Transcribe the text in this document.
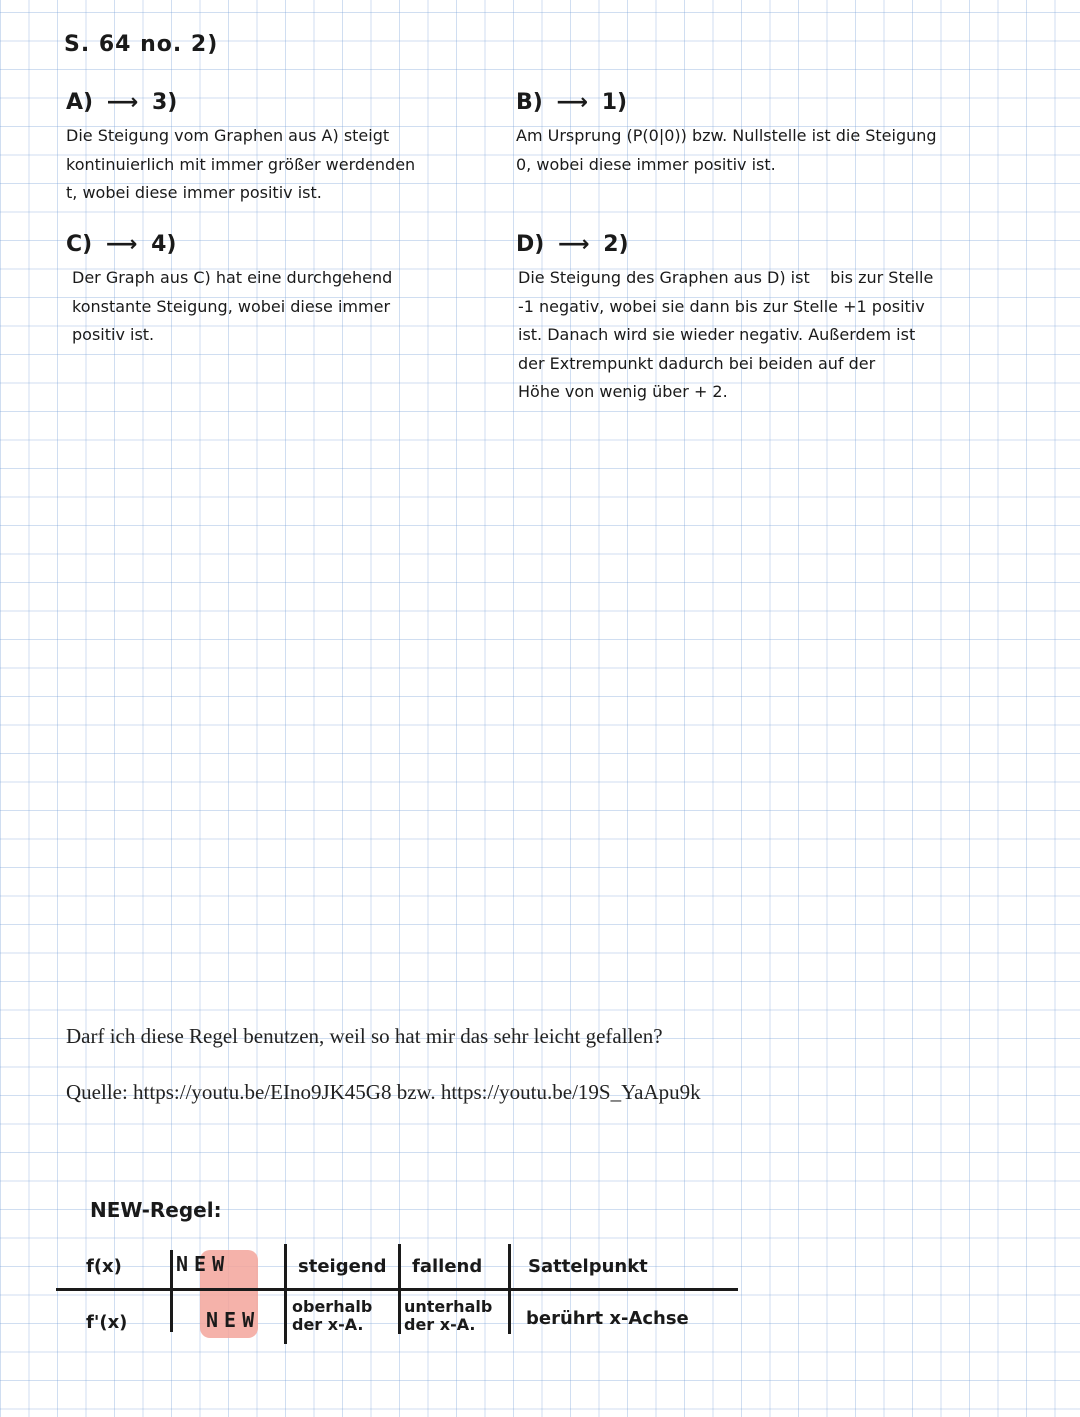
S. 64 no. 2)
A) ⟶ 3)

Die Steigung vom Graphen aus A) steigt

kontinuierlich mit immer größer werdenden

t, wobei diese immer positiv ist.

B) ⟶ 1)

Am Ursprung (P(0|0)) bzw. Nullstelle ist die Steigung

0, wobei diese immer positiv ist.

C) ⟶ 4)

Der Graph aus C) hat eine durchgehend

konstante Steigung, wobei diese immer

positiv ist.

D) ⟶ 2)

Die Steigung des Graphen aus D) ist    bis zur Stelle

-1 negativ, wobei sie dann bis zur Stelle +1 positiv

ist. Danach wird sie wieder negativ. Außerdem ist

der Extrempunkt dadurch bei beiden auf der

Höhe von wenig über + 2.

Darf ich diese Regel benutzen, weil so hat mir das sehr leicht gefallen?
Quelle: https://youtu.be/EIno9JK45G8 bzw. https://youtu.be/19S_YaApu9k
NEW-Regel:
f(x)
f'(x)
NEW
NEW
steigend fallend	Sattelpunkt
oberhalb
der x-A.
unterhalb
der x-A.	berührt x-Achse
